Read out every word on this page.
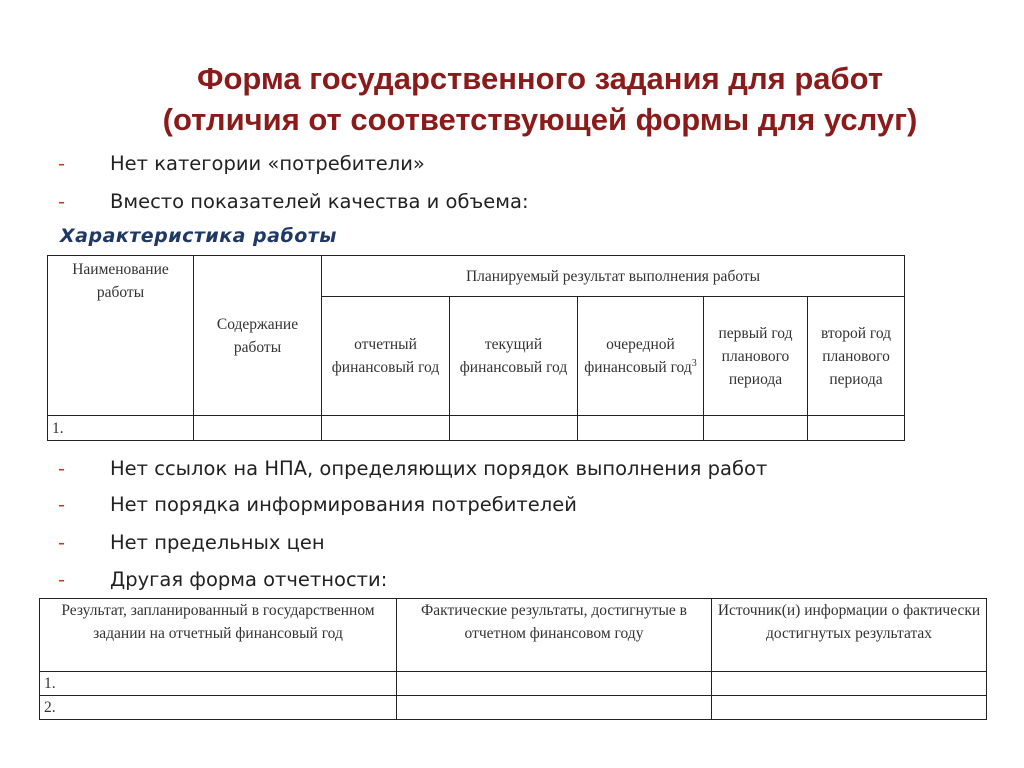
Форма государственного задания для работ
(отличия от соответствующей формы для услуг)
- Нет категории «потребители»
- Вместо показателей качества и объема:
Характеристика работы
Наименование работы	Содержание работы	Планируемый результат выполнения работы				
		отчетный финансовый год	текущий финансовый год	очередной финансовый год$^3$	первый год планового периода	второй год планового периода
1.						
- Нет ссылок на НПА, определяющих порядок выполнения работ
- Нет порядка информирования потребителей
- Нет предельных цен
- Другая форма отчетности:
Результат, запланированный в государственном задании на отчетный финансовый год	Фактические результаты, достигнутые в отчетном финансовом году	Источник(и) информации о фактически достигнутых результатах
1.		
2.		
